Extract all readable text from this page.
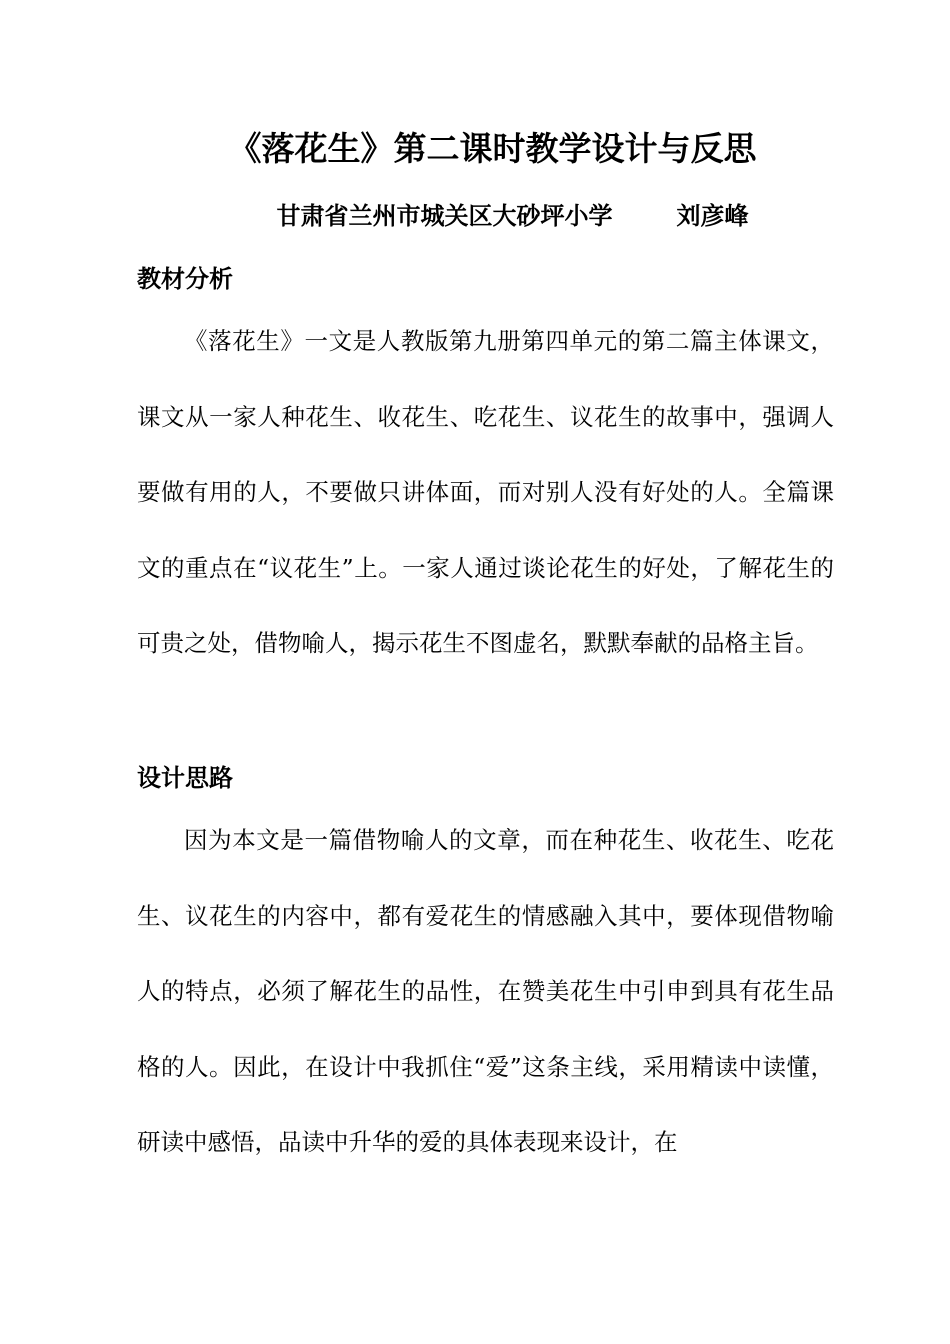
《落花生》第二课时教学设计与反思
甘肃省兰州市城关区大砂坪小学	刘彦峰
教材分析

《落花生》一文是人教版第九册第四单元的第二篇主体课文，课文从一家人种花生、收花生、吃花生、议花生的故事中，强调人要做有用的人，不要做只讲体面，而对别人没有好处的人。全篇课文的重点在“议花生”上。一家人通过谈论花生的好处，了解花生的可贵之处，借物喻人，揭示花生不图虚名，默默奉献的品格主旨。

设计思路

因为本文是一篇借物喻人的文章，而在种花生、收花生、吃花生、议花生的内容中，都有爱花生的情感融入其中，要体现借物喻人的特点，必须了解花生的品性，在赞美花生中引申到具有花生品格的人。因此，在设计中我抓住“爱”这条主线，采用精读中读懂，研读中感悟，品读中升华的爱的具体表现来设计，在
